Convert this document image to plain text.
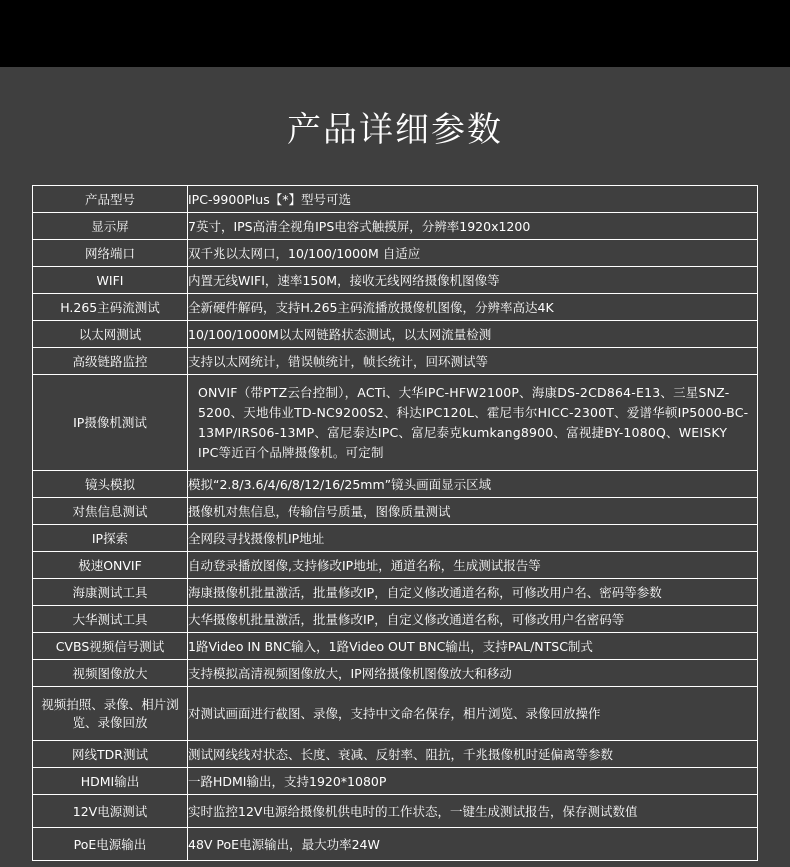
产品详细参数
产品型号	IPC-9900Plus【*】型号可选
显示屏	7英寸，IPS高清全视角IPS电容式触摸屏，分辨率1920x1200
网络端口	双千兆以太网口，10/100/1000M 自适应
WIFI	内置无线WIFI，速率150M，接收无线网络摄像机图像等
H.265主码流测试	全新硬件解码，支持H.265主码流播放摄像机图像，分辨率高达4K
以太网测试	10/100/1000M以太网链路状态测试，以太网流量检测
高级链路监控	支持以太网统计，错误帧统计，帧长统计，回环测试等
IP摄像机测试	ONVIF（带PTZ云台控制），ACTi、大华IPC-HFW2100P、海康DS-2CD864-E13、三星SNZ-5200、天地伟业TD-NC9200S2、科达IPC120L、霍尼韦尔HICC-2300T、爱谱华顿IP5000-BC-13MP/IRS06-13MP、富尼泰达IPC、富尼泰克kumkang8900、富视捷BY-1080Q、WEISKY IPC等近百个品牌摄像机。可定制
镜头模拟	模拟“2.8/3.6/4/6/8/12/16/25mm”镜头画面显示区域
对焦信息测试	摄像机对焦信息，传输信号质量，图像质量测试
IP探索	全网段寻找摄像机IP地址
极速ONVIF	自动登录播放图像,支持修改IP地址，通道名称，生成测试报告等
海康测试工具	海康摄像机批量激活，批量修改IP，自定义修改通道名称，可修改用户名、密码等参数
大华测试工具	大华摄像机批量激活，批量修改IP，自定义修改通道名称，可修改用户名密码等
CVBS视频信号测试	1路Video IN BNC输入，1路Video OUT BNC输出，支持PAL/NTSC制式
视频图像放大	支持模拟高清视频图像放大，IP网络摄像机图像放大和移动
视频拍照、录像、相片浏览、录像回放	对测试画面进行截图、录像，支持中文命名保存，相片浏览、录像回放操作
网线TDR测试	测试网线线对状态、长度、衰减、反射率、阻抗，千兆摄像机时延偏离等参数
HDMI输出	一路HDMI输出，支持1920*1080P
12V电源测试	实时监控12V电源给摄像机供电时的工作状态，一键生成测试报告，保存测试数值
PoE电源输出	48V PoE电源输出，最大功率24W
